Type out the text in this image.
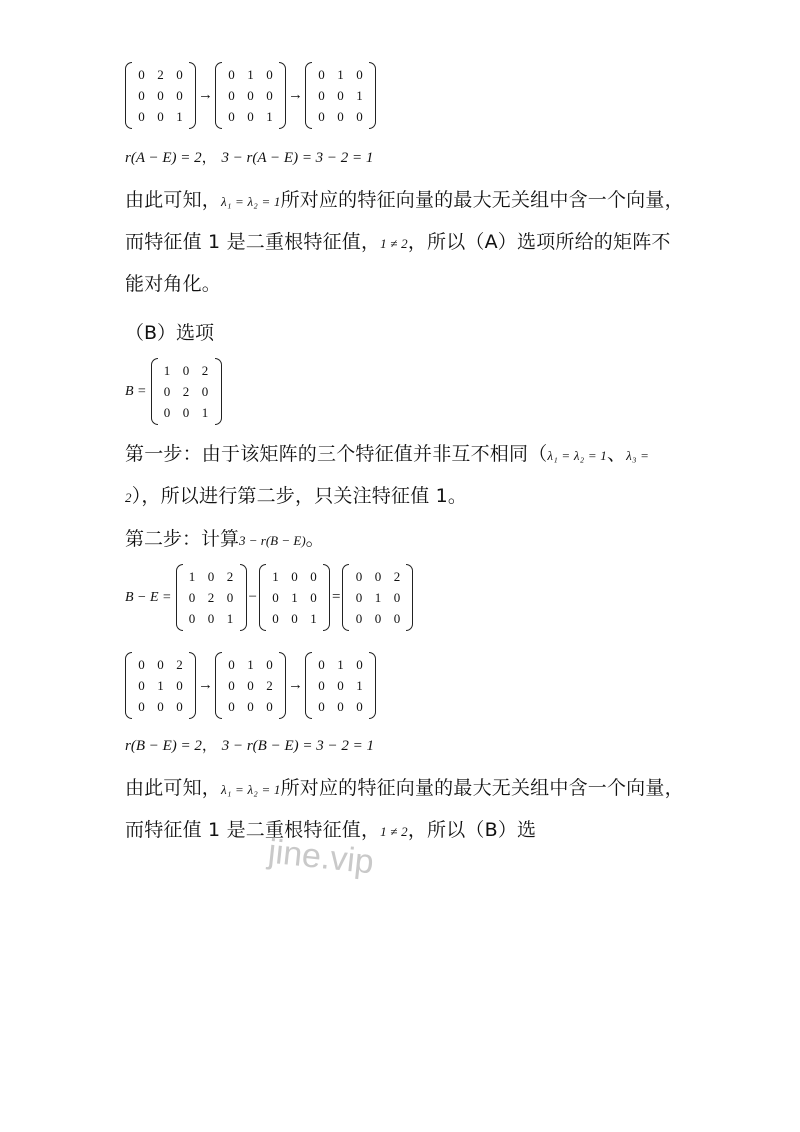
0 2 0
0 0 0
0 0 1
→
0 1 0
0 0 0
0 0 1
→
0 1 0
0 0 1
0 0 0
r(A − E) = 2， 3 − r(A − E) = 3 − 2 = 1
由此可知，λ₁ = λ₂ = 1所对应的特征向量的最大无关组中含一个向量，而特征值 1 是二重根特征值，1 ≠ 2，所以（A）选项所给的矩阵不能对角化。
（B）选项
B =
1 0 2
0 2 0
0 0 1
第一步：由于该矩阵的三个特征值并非互不相同（λ₁ = λ₂ = 1、λ₃ = 2），所以进行第二步，只关注特征值 1。
第二步：计算3 − r(B − E)。
B − E =
1 0 2
0 2 0
0 0 1
−
1 0 0
0 1 0
0 0 1
=
0 0 2
0 1 0
0 0 0
0 0 2
0 1 0
0 0 0
→
0 1 0
0 0 2
0 0 0
→
0 1 0
0 0 1
0 0 0
r(B − E) = 2， 3 − r(B − E) = 3 − 2 = 1
由此可知，λ₁ = λ₂ = 1所对应的特征向量的最大无关组中含一个向量，而特征值 1 是二重根特征值，1 ≠ 2，所以（B）选
jine.vip
